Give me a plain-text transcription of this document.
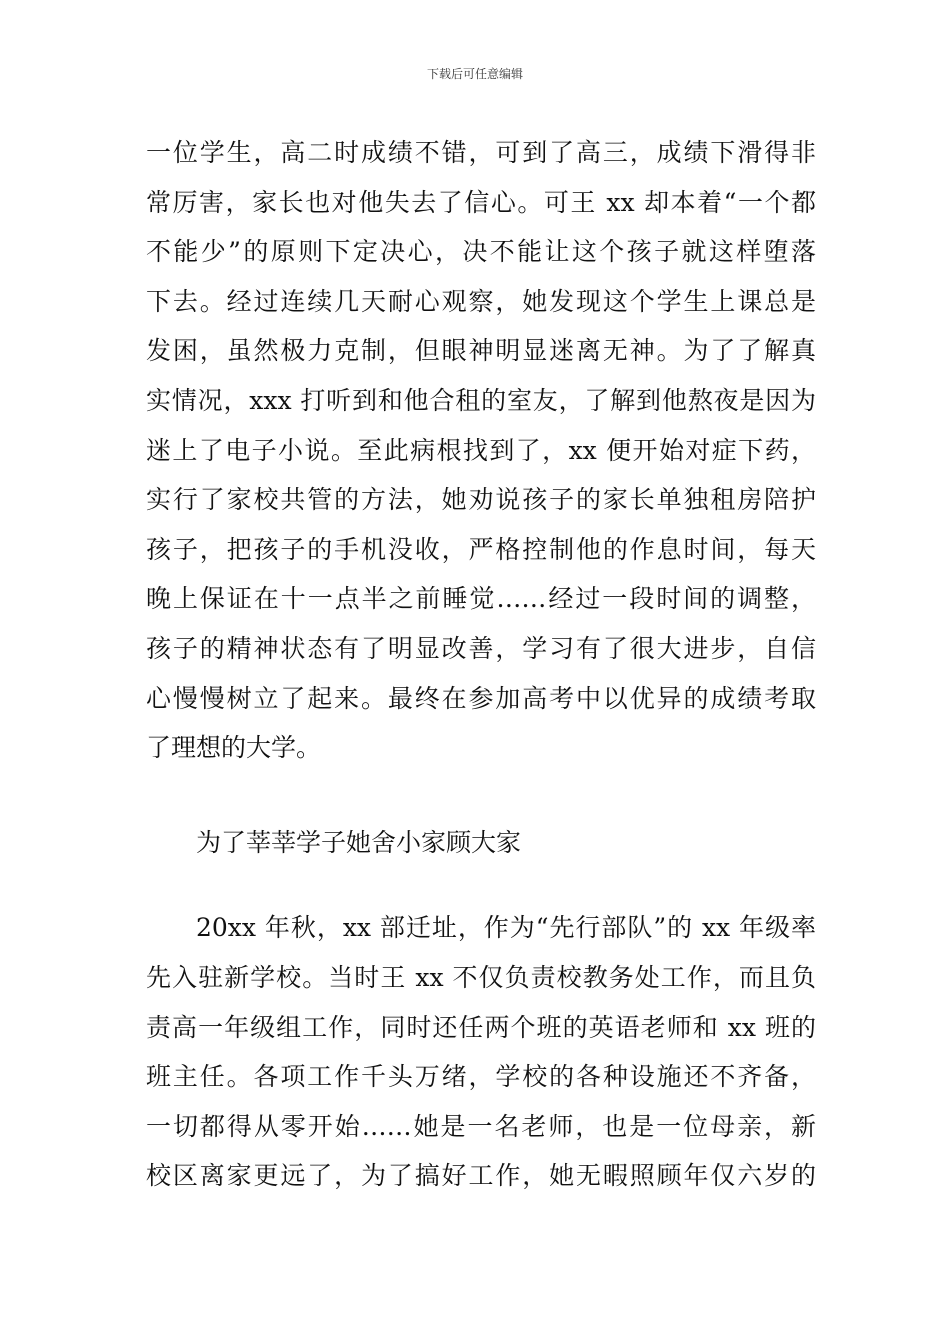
下载后可任意编辑
一位学生，高二时成绩不错，可到了高三，成绩下滑得非
常厉害，家长也对他失去了信心。可王 xx 却本着“一个都
不能少”的原则下定决心，决不能让这个孩子就这样堕落
下去。经过连续几天耐心观察，她发现这个学生上课总是
发困，虽然极力克制，但眼神明显迷离无神。为了了解真
实情况，xxx 打听到和他合租的室友，了解到他熬夜是因为
迷上了电子小说。至此病根找到了，xx 便开始对症下药，
实行了家校共管的方法，她劝说孩子的家长单独租房陪护
孩子，把孩子的手机没收，严格控制他的作息时间，每天
晚上保证在十一点半之前睡觉……经过一段时间的调整，
孩子的精神状态有了明显改善，学习有了很大进步，自信
心慢慢树立了起来。最终在参加高考中以优异的成绩考取
了理想的大学。
为了莘莘学子她舍小家顾大家
20xx 年秋，xx 部迁址，作为“先行部队”的 xx 年级率
先入驻新学校。当时王 xx 不仅负责校教务处工作，而且负
责高一年级组工作，同时还任两个班的英语老师和 xx 班的
班主任。各项工作千头万绪，学校的各种设施还不齐备，
一切都得从零开始……她是一名老师，也是一位母亲，新
校区离家更远了，为了搞好工作，她无暇照顾年仅六岁的
